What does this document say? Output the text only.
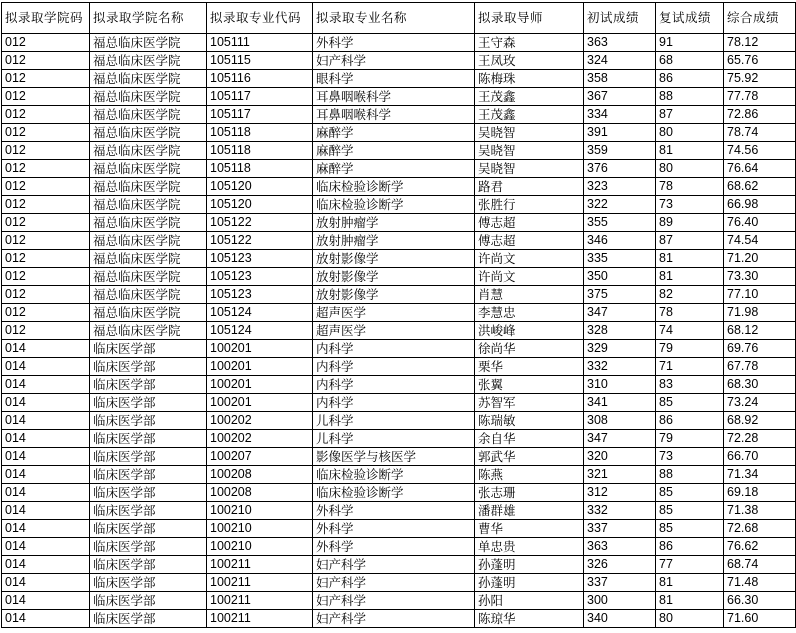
拟录取学院码	拟录取学院名称	拟录取专业代码	拟录取专业名称	拟录取导师	初试成绩	复试成绩	综合成绩
012	福总临床医学院	105111	外科学	王守森	363	91	78.12
012	福总临床医学院	105115	妇产科学	王凤玫	324	68	65.76
012	福总临床医学院	105116	眼科学	陈梅珠	358	86	75.92
012	福总临床医学院	105117	耳鼻咽喉科学	王茂鑫	367	88	77.78
012	福总临床医学院	105117	耳鼻咽喉科学	王茂鑫	334	87	72.86
012	福总临床医学院	105118	麻醉学	吴晓智	391	80	78.74
012	福总临床医学院	105118	麻醉学	吴晓智	359	81	74.56
012	福总临床医学院	105118	麻醉学	吴晓智	376	80	76.64
012	福总临床医学院	105120	临床检验诊断学	路君	323	78	68.62
012	福总临床医学院	105120	临床检验诊断学	张胜行	322	73	66.98
012	福总临床医学院	105122	放射肿瘤学	傅志超	355	89	76.40
012	福总临床医学院	105122	放射肿瘤学	傅志超	346	87	74.54
012	福总临床医学院	105123	放射影像学	许尚文	335	81	71.20
012	福总临床医学院	105123	放射影像学	许尚文	350	81	73.30
012	福总临床医学院	105123	放射影像学	肖慧	375	82	77.10
012	福总临床医学院	105124	超声医学	李慧忠	347	78	71.98
012	福总临床医学院	105124	超声医学	洪峻峰	328	74	68.12
014	临床医学部	100201	内科学	徐尚华	329	79	69.76
014	临床医学部	100201	内科学	栗华	332	71	67.78
014	临床医学部	100201	内科学	张翼	310	83	68.30
014	临床医学部	100201	内科学	苏智军	341	85	73.24
014	临床医学部	100202	儿科学	陈瑞敏	308	86	68.92
014	临床医学部	100202	儿科学	余自华	347	79	72.28
014	临床医学部	100207	影像医学与核医学	郭武华	320	73	66.70
014	临床医学部	100208	临床检验诊断学	陈燕	321	88	71.34
014	临床医学部	100208	临床检验诊断学	张志珊	312	85	69.18
014	临床医学部	100210	外科学	潘群雄	332	85	71.38
014	临床医学部	100210	外科学	曹华	337	85	72.68
014	临床医学部	100210	外科学	单忠贵	363	86	76.62
014	临床医学部	100211	妇产科学	孙蓬明	326	77	68.74
014	临床医学部	100211	妇产科学	孙蓬明	337	81	71.48
014	临床医学部	100211	妇产科学	孙阳	300	81	66.30
014	临床医学部	100211	妇产科学	陈琼华	340	80	71.60
